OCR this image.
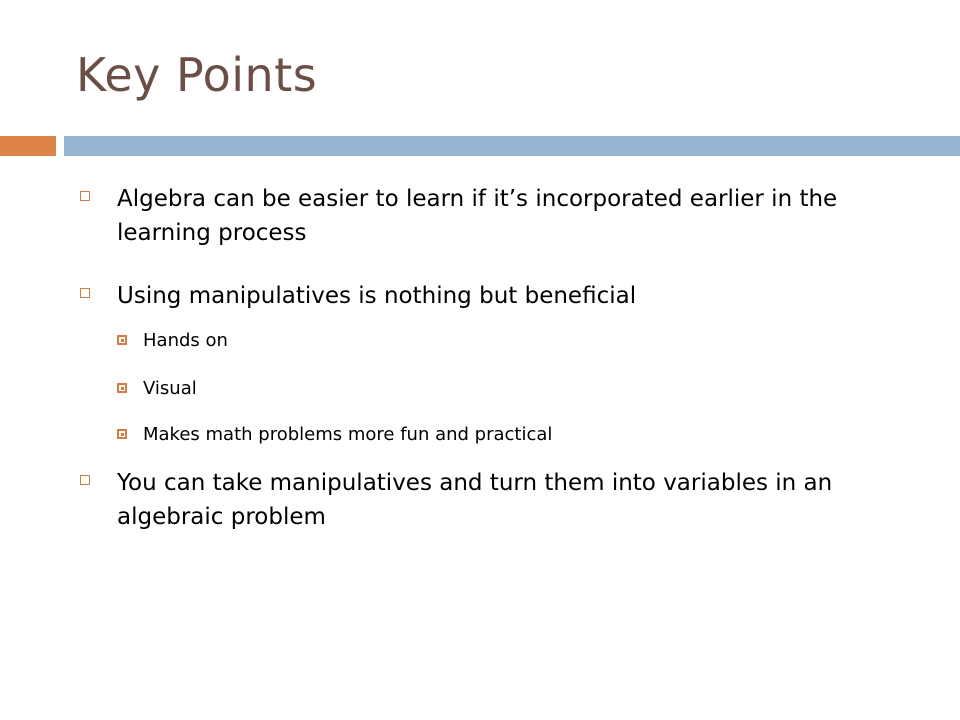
Key Points
Algebra can be easier to learn if it’s incorporated earlier in the learning process
Using manipulatives is nothing but beneficial
Hands on
Visual
Makes math problems more fun and practical
You can take manipulatives and turn them into variables in an algebraic problem
